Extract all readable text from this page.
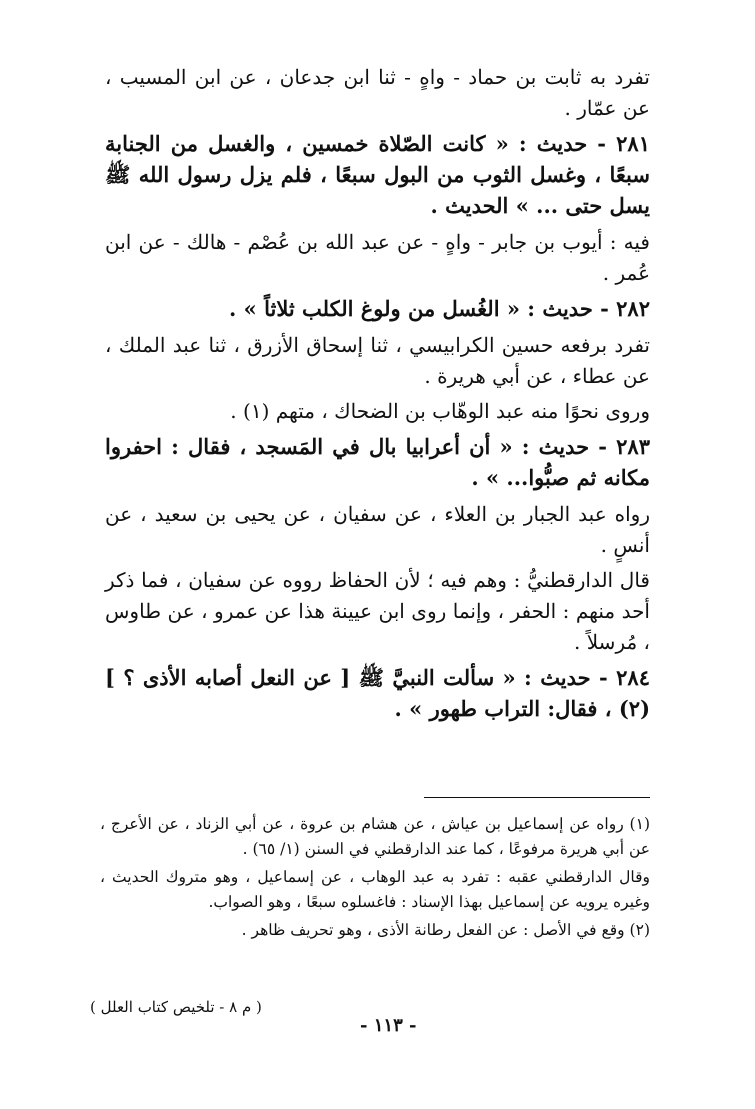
تفرد به ثابت بن حماد - واهٍ - ثنا ابن جدعان ، عن ابن المسيب ، عن عمّار .

٢٨١ - حديث : « كانت الصّلاة خمسين ، والغسل من الجنابة سبعًا ، وغسل الثوب من البول سبعًا ، فلم يزل رسول الله ﷺ يسل حتى ... » الحديث .

فيه : أيوب بن جابر - واهٍ - عن عبد الله بن عُصْم - هالك - عن ابن عُمر .

٢٨٢ - حديث : « الغُسل من ولوغ الكلب ثلاثاً » .

تفرد برفعه حسين الكرابيسي ، ثنا إسحاق الأزرق ، ثنا عبد الملك ، عن عطاء ، عن أبي هريرة .

وروى نحوًا منه عبد الوهّاب بن الضحاك ، متهم (١) .

٢٨٣ - حديث : « أن أعرابيا بال في المَسجد ، فقال : احفروا مكانه ثم صبُّوا... » .

رواه عبد الجبار بن العلاء ، عن سفيان ، عن يحيى بن سعيد ، عن أنسٍ .

قال الدارقطنيُّ : وهم فيه ؛ لأن الحفاظ رووه عن سفيان ، فما ذكر أحد منهم : الحفر ، وإنما روى ابن عيينة هذا عن عمرو ، عن طاوس ، مُرسلاً .

٢٨٤ - حديث : « سألت النبيَّ ﷺ [ عن النعل أصابه الأذى ؟ ] (٢) ، فقال: التراب طهور » .

(١) رواه عن إسماعيل بن عياش ، عن هشام بن عروة ، عن أبي الزناد ، عن الأعرج ، عن أبي هريرة مرفوعًا ، كما عند الدارقطني في السنن (١/ ٦٥) .

وقال الدارقطني عقبه : تفرد به عبد الوهاب ، عن إسماعيل ، وهو متروك الحديث ، وغيره يرويه عن إسماعيل بهذا الإسناد : فاغسلوه سبعًا ، وهو الصواب.

(٢) وقع في الأصل : عن الفعل رطانة الأذى ، وهو تحريف ظاهر .

( م ٨ - تلخيص كتاب العلل )
- ١١٣ -
